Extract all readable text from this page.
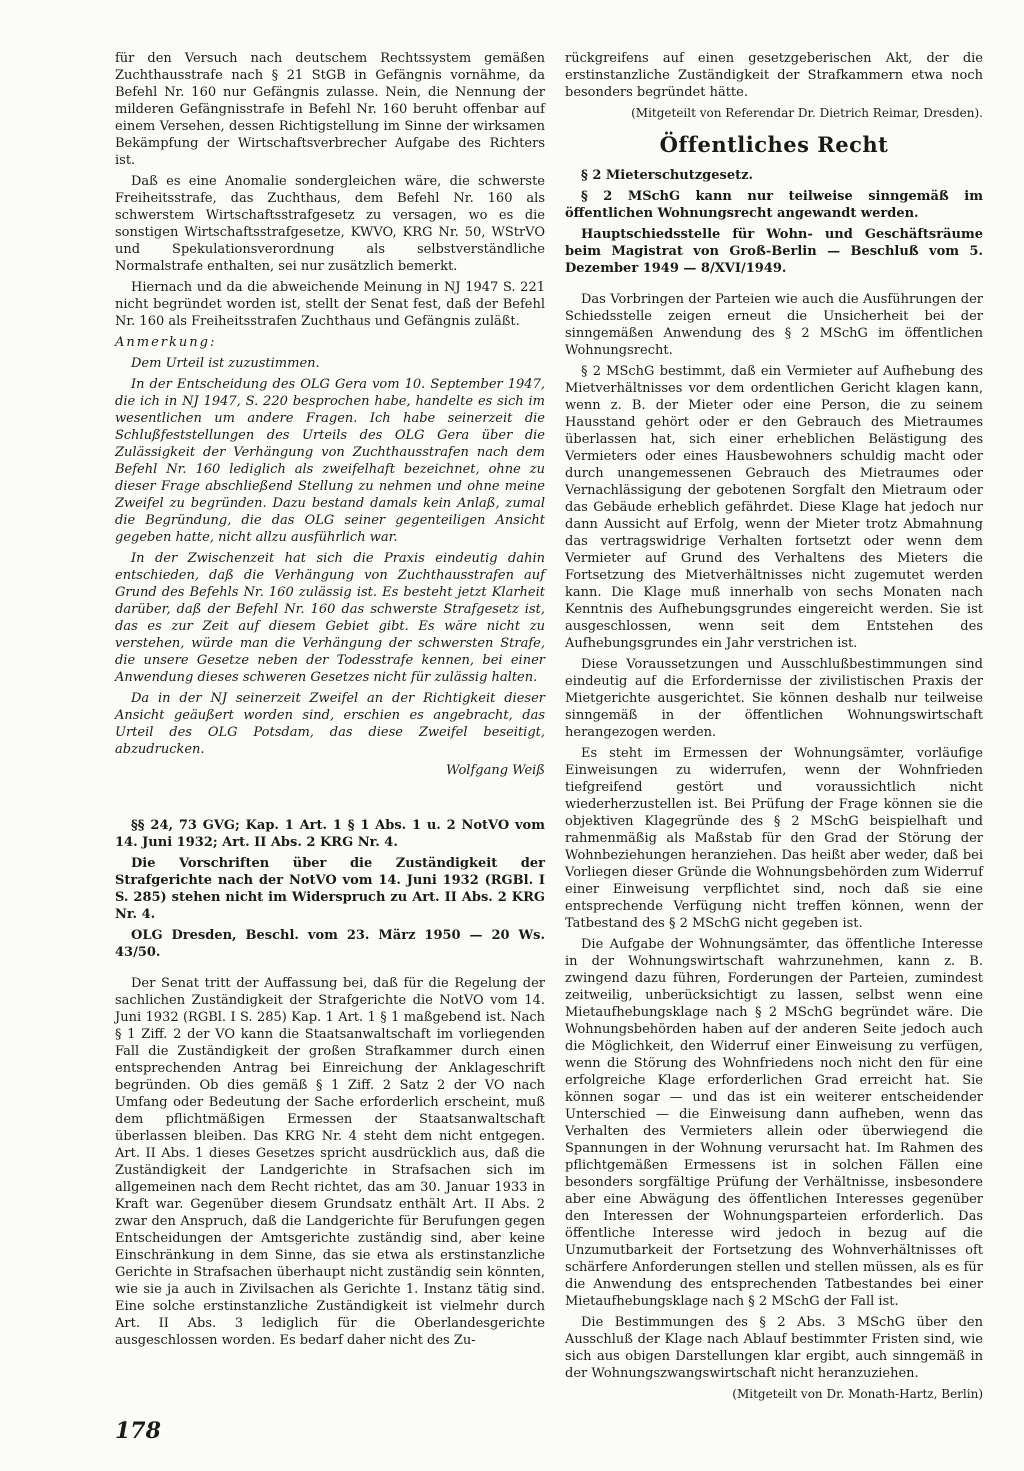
für den Versuch nach deutschem Rechtssystem gemäßen Zuchthausstrafe nach § 21 StGB in Gefängnis vornähme, da Befehl Nr. 160 nur Gefängnis zulasse. Nein, die Nennung der milderen Gefängnisstrafe in Befehl Nr. 160 beruht offenbar auf einem Versehen, dessen Richtigstellung im Sinne der wirksamen Bekämpfung der Wirtschaftsverbrecher Aufgabe des Richters ist.

Daß es eine Anomalie sondergleichen wäre, die schwerste Freiheitsstrafe, das Zuchthaus, dem Befehl Nr. 160 als schwerstem Wirtschaftsstrafgesetz zu versagen, wo es die sonstigen Wirtschaftsstrafgesetze, KWVO, KRG Nr. 50, WStrVO und Spekulationsverordnung als selbstverständliche Normalstrafe enthalten, sei nur zusätzlich bemerkt.

Hiernach und da die abweichende Meinung in NJ 1947 S. 221 nicht begründet worden ist, stellt der Senat fest, daß der Befehl Nr. 160 als Freiheitsstrafen Zuchthaus und Gefängnis zuläßt.

Anmerkung:

Dem Urteil ist zuzustimmen.

In der Entscheidung des OLG Gera vom 10. September 1947, die ich in NJ 1947, S. 220 besprochen habe, handelte es sich im wesentlichen um andere Fragen. Ich habe seinerzeit die Schlußfeststellungen des Urteils des OLG Gera über die Zulässigkeit der Verhängung von Zuchthausstrafen nach dem Befehl Nr. 160 lediglich als zweifelhaft bezeichnet, ohne zu dieser Frage abschließend Stellung zu nehmen und ohne meine Zweifel zu begründen. Dazu bestand damals kein Anlaß, zumal die Begründung, die das OLG seiner gegenteiligen Ansicht gegeben hatte, nicht allzu ausführlich war.

In der Zwischenzeit hat sich die Praxis eindeutig dahin entschieden, daß die Verhängung von Zuchthausstrafen auf Grund des Befehls Nr. 160 zulässig ist. Es besteht jetzt Klarheit darüber, daß der Befehl Nr. 160 das schwerste Strafgesetz ist, das es zur Zeit auf diesem Gebiet gibt. Es wäre nicht zu verstehen, würde man die Verhängung der schwersten Strafe, die unsere Gesetze neben der Todesstrafe kennen, bei einer Anwendung dieses schweren Gesetzes nicht für zulässig halten.

Da in der NJ seinerzeit Zweifel an der Richtigkeit dieser Ansicht geäußert worden sind, erschien es angebracht, das Urteil des OLG Potsdam, das diese Zweifel beseitigt, abzudrucken.

Wolfgang Weiß

§§ 24, 73 GVG; Kap. 1 Art. 1 § 1 Abs. 1 u. 2 NotVO vom 14. Juni 1932; Art. II Abs. 2 KRG Nr. 4.

Die Vorschriften über die Zuständigkeit der Strafgerichte nach der NotVO vom 14. Juni 1932 (RGBl. I S. 285) stehen nicht im Widerspruch zu Art. II Abs. 2 KRG Nr. 4.

OLG Dresden, Beschl. vom 23. März 1950 — 20 Ws. 43/50.

Der Senat tritt der Auffassung bei, daß für die Regelung der sachlichen Zuständigkeit der Strafgerichte die NotVO vom 14. Juni 1932 (RGBl. I S. 285) Kap. 1 Art. 1 § 1 maßgebend ist. Nach § 1 Ziff. 2 der VO kann die Staatsanwaltschaft im vorliegenden Fall die Zuständigkeit der großen Strafkammer durch einen entsprechenden Antrag bei Einreichung der Anklageschrift begründen. Ob dies gemäß § 1 Ziff. 2 Satz 2 der VO nach Umfang oder Bedeutung der Sache erforderlich erscheint, muß dem pflichtmäßigen Ermessen der Staatsanwaltschaft überlassen bleiben. Das KRG Nr. 4 steht dem nicht entgegen. Art. II Abs. 1 dieses Gesetzes spricht ausdrücklich aus, daß die Zuständigkeit der Landgerichte in Strafsachen sich im allgemeinen nach dem Recht richtet, das am 30. Januar 1933 in Kraft war. Gegenüber diesem Grundsatz enthält Art. II Abs. 2 zwar den Anspruch, daß die Landgerichte für Berufungen gegen Entscheidungen der Amtsgerichte zuständig sind, aber keine Einschränkung in dem Sinne, das sie etwa als erstinstanzliche Gerichte in Strafsachen überhaupt nicht zuständig sein könnten, wie sie ja auch in Zivilsachen als Gerichte 1. Instanz tätig sind. Eine solche erstinstanzliche Zuständigkeit ist vielmehr durch Art. II Abs. 3 lediglich für die Oberlandesgerichte ausgeschlossen worden. Es bedarf daher nicht des Zu-

rückgreifens auf einen gesetzgeberischen Akt, der die erstinstanzliche Zuständigkeit der Strafkammern etwa noch besonders begründet hätte.

(Mitgeteilt von Referendar Dr. Dietrich Reimar, Dresden).

Öffentliches Recht

§ 2 Mieterschutzgesetz.

§ 2 MSchG kann nur teilweise sinngemäß im öffentlichen Wohnungsrecht angewandt werden.

Hauptschiedsstelle für Wohn- und Geschäftsräume beim Magistrat von Groß-Berlin — Beschluß vom 5. Dezember 1949 — 8/XVI/1949.

Das Vorbringen der Parteien wie auch die Ausführungen der Schiedsstelle zeigen erneut die Unsicherheit bei der sinngemäßen Anwendung des § 2 MSchG im öffentlichen Wohnungsrecht.

§ 2 MSchG bestimmt, daß ein Vermieter auf Aufhebung des Mietverhältnisses vor dem ordentlichen Gericht klagen kann, wenn z. B. der Mieter oder eine Person, die zu seinem Hausstand gehört oder er den Gebrauch des Mietraumes überlassen hat, sich einer erheblichen Belästigung des Vermieters oder eines Hausbewohners schuldig macht oder durch unangemessenen Gebrauch des Mietraumes oder Vernachlässigung der gebotenen Sorgfalt den Mietraum oder das Gebäude erheblich gefährdet. Diese Klage hat jedoch nur dann Aussicht auf Erfolg, wenn der Mieter trotz Abmahnung das vertragswidrige Verhalten fortsetzt oder wenn dem Vermieter auf Grund des Verhaltens des Mieters die Fortsetzung des Mietverhältnisses nicht zugemutet werden kann. Die Klage muß innerhalb von sechs Monaten nach Kenntnis des Aufhebungsgrundes eingereicht werden. Sie ist ausgeschlossen, wenn seit dem Entstehen des Aufhebungsgrundes ein Jahr verstrichen ist.

Diese Voraussetzungen und Ausschlußbestimmungen sind eindeutig auf die Erfordernisse der zivilistischen Praxis der Mietgerichte ausgerichtet. Sie können deshalb nur teilweise sinngemäß in der öffentlichen Wohnungswirtschaft herangezogen werden.

Es steht im Ermessen der Wohnungsämter, vorläufige Einweisungen zu widerrufen, wenn der Wohnfrieden tiefgreifend gestört und voraussichtlich nicht wiederherzustellen ist. Bei Prüfung der Frage können sie die objektiven Klagegründe des § 2 MSchG beispielhaft und rahmenmäßig als Maßstab für den Grad der Störung der Wohnbeziehungen heranziehen. Das heißt aber weder, daß bei Vorliegen dieser Gründe die Wohnungsbehörden zum Widerruf einer Einweisung verpflichtet sind, noch daß sie eine entsprechende Verfügung nicht treffen können, wenn der Tatbestand des § 2 MSchG nicht gegeben ist.

Die Aufgabe der Wohnungsämter, das öffentliche Interesse in der Wohnungswirtschaft wahrzunehmen, kann z. B. zwingend dazu führen, Forderungen der Parteien, zumindest zeitweilig, unberücksichtigt zu lassen, selbst wenn eine Mietaufhebungsklage nach § 2 MSchG begründet wäre. Die Wohnungsbehörden haben auf der anderen Seite jedoch auch die Möglichkeit, den Widerruf einer Einweisung zu verfügen, wenn die Störung des Wohnfriedens noch nicht den für eine erfolgreiche Klage erforderlichen Grad erreicht hat. Sie können sogar — und das ist ein weiterer entscheidender Unterschied — die Einweisung dann aufheben, wenn das Verhalten des Vermieters allein oder überwiegend die Spannungen in der Wohnung verursacht hat. Im Rahmen des pflichtgemäßen Ermessens ist in solchen Fällen eine besonders sorgfältige Prüfung der Verhältnisse, insbesondere aber eine Abwägung des öffentlichen Interesses gegenüber den Interessen der Wohnungsparteien erforderlich. Das öffentliche Interesse wird jedoch in bezug auf die Unzumutbarkeit der Fortsetzung des Wohnverhältnisses oft schärfere Anforderungen stellen und stellen müssen, als es für die Anwendung des entsprechenden Tatbestandes bei einer Mietaufhebungsklage nach § 2 MSchG der Fall ist.

Die Bestimmungen des § 2 Abs. 3 MSchG über den Ausschluß der Klage nach Ablauf bestimmter Fristen sind, wie sich aus obigen Darstellungen klar ergibt, auch sinngemäß in der Wohnungszwangswirtschaft nicht heranzuziehen.

(Mitgeteilt von Dr. Monath-Hartz, Berlin)

178
